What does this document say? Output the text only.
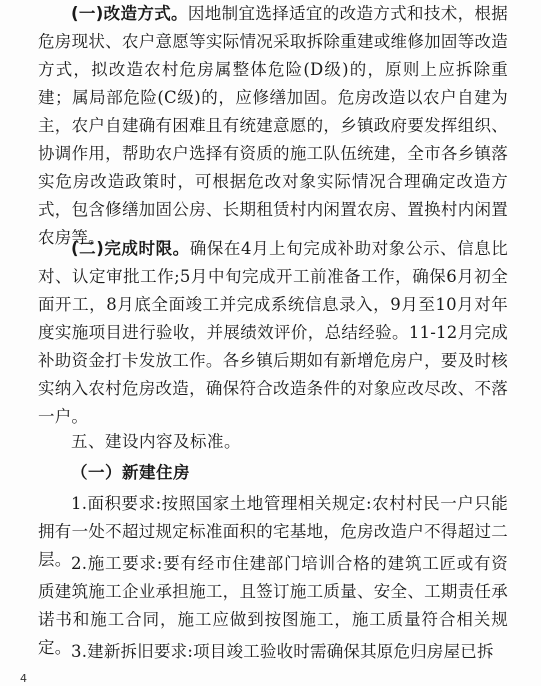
(一)改造方式。因地制宜选择适宜的改造方式和技术，根据危房现状、农户意愿等实际情况采取拆除重建或维修加固等改造方式，拟改造农村危房属整体危险(D级)的，原则上应拆除重建；属局部危险(C级)的，应修缮加固。危房改造以农户自建为主，农户自建确有困难且有统建意愿的，乡镇政府要发挥组织、协调作用，帮助农户选择有资质的施工队伍统建，全市各乡镇落实危房改造政策时，可根据危改对象实际情况合理确定改造方式，包含修缮加固公房、长期租赁村内闲置农房、置换村内闲置农房等。

(二)完成时限。确保在4月上旬完成补助对象公示、信息比对、认定审批工作;5月中旬完成开工前准备工作，确保6月初全面开工，8月底全面竣工并完成系统信息录入，9月至10月对年度实施项目进行验收，并展绩效评价，总结经验。11-12月完成补助资金打卡发放工作。各乡镇后期如有新增危房户，要及时核实纳入农村危房改造，确保符合改造条件的对象应改尽改、不落一户。

五、建设内容及标准。

（一）新建住房

1.面积要求:按照国家土地管理相关规定:农村村民一户只能拥有一处不超过规定标准面积的宅基地，危房改造户不得超过二层。 2.施工要求:要有经市住建部门培训合格的建筑工匠或有资质建筑施工企业承担施工，且签订施工质量、安全、工期责任承诺书和施工合同，施工应做到按图施工，施工质量符合相关规定。 3.建新拆旧要求:项目竣工验收时需确保其原危归房屋已拆

4
